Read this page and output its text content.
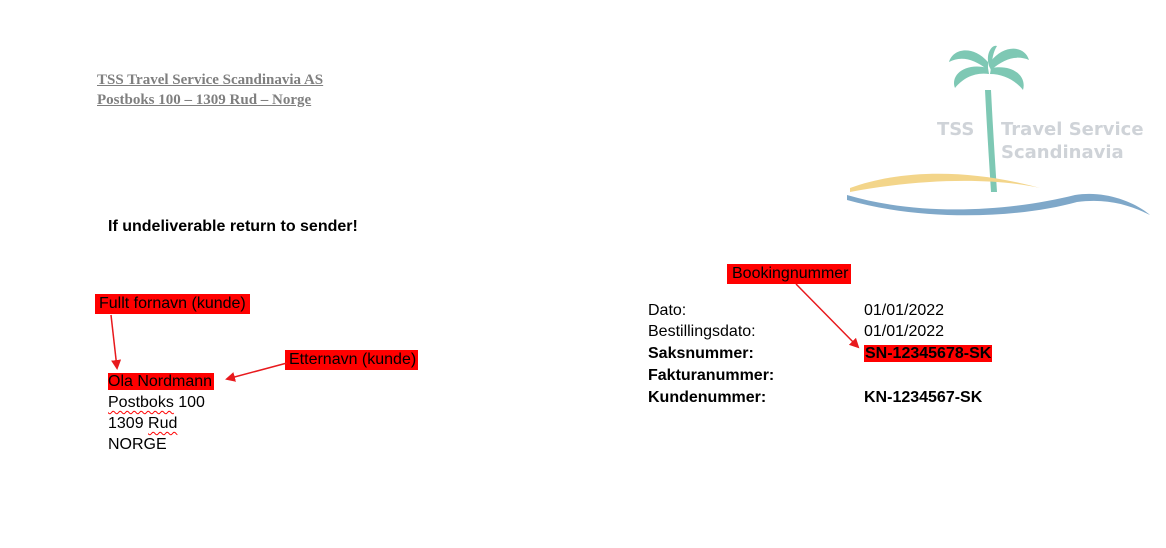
TSS Travel Service Scandinavia AS
Postboks 100 – 1309 Rud – Norge
TSS Travel Service
Scandinavia
If undeliverable return to sender!
Fullt fornavn (kunde)
Etternavn (kunde)
Bookingnummer
Ola Nordmann
Postboks 100
1309 Rud
NORGE
Dato:	01/01/2022
Bestillingsdato:	01/01/2022
Saksnummer:	SN-12345678-SK
Fakturanummer:
Kundenummer:	KN-1234567-SK
